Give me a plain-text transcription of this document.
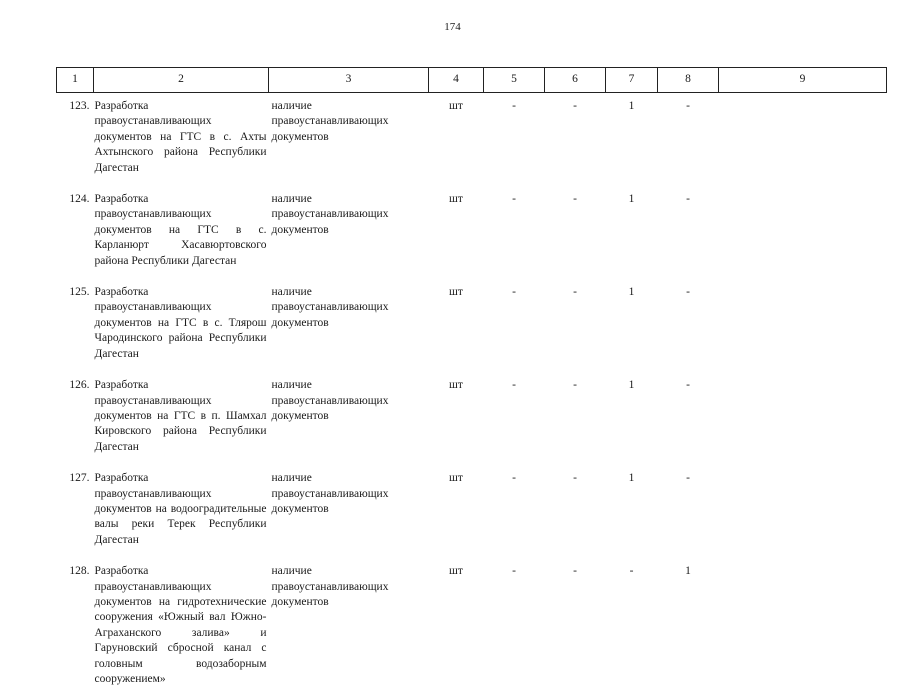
174
1	2	3	4	5	6	7	8	9
123.	Разработка правоустанавливающих документов на ГТС в с. Ахты Ахтынского района Республики Дагестан	наличие правоустанавливающих документов	шт	-	-	1	-	
124.	Разработка правоустанавливающих документов на ГТС в с. Карланюрт Хасавюртовского района Республики Дагестан	наличие правоустанавливающих документов	шт	-	-	1	-	
125.	Разработка правоустанавливающих документов на ГТС в с. Тлярош Чародинского района Республики Дагестан	наличие правоустанавливающих документов	шт	-	-	1	-	
126.	Разработка правоустанавливающих документов на ГТС в п. Шамхал Кировского района Республики Дагестан	наличие правоустанавливающих документов	шт	-	-	1	-	
127.	Разработка правоустанавливающих документов на водооградительные валы реки Терек Республики Дагестан	наличие правоустанавливающих документов	шт	-	-	1	-	
128.	Разработка правоустанавливающих документов на гидротехнические сооружения «Южный вал Южно-Аграханского залива» и Гаруновский сбросной канал с головным водозаборным сооружением»	наличие правоустанавливающих документов	шт	-	-	-	1	
